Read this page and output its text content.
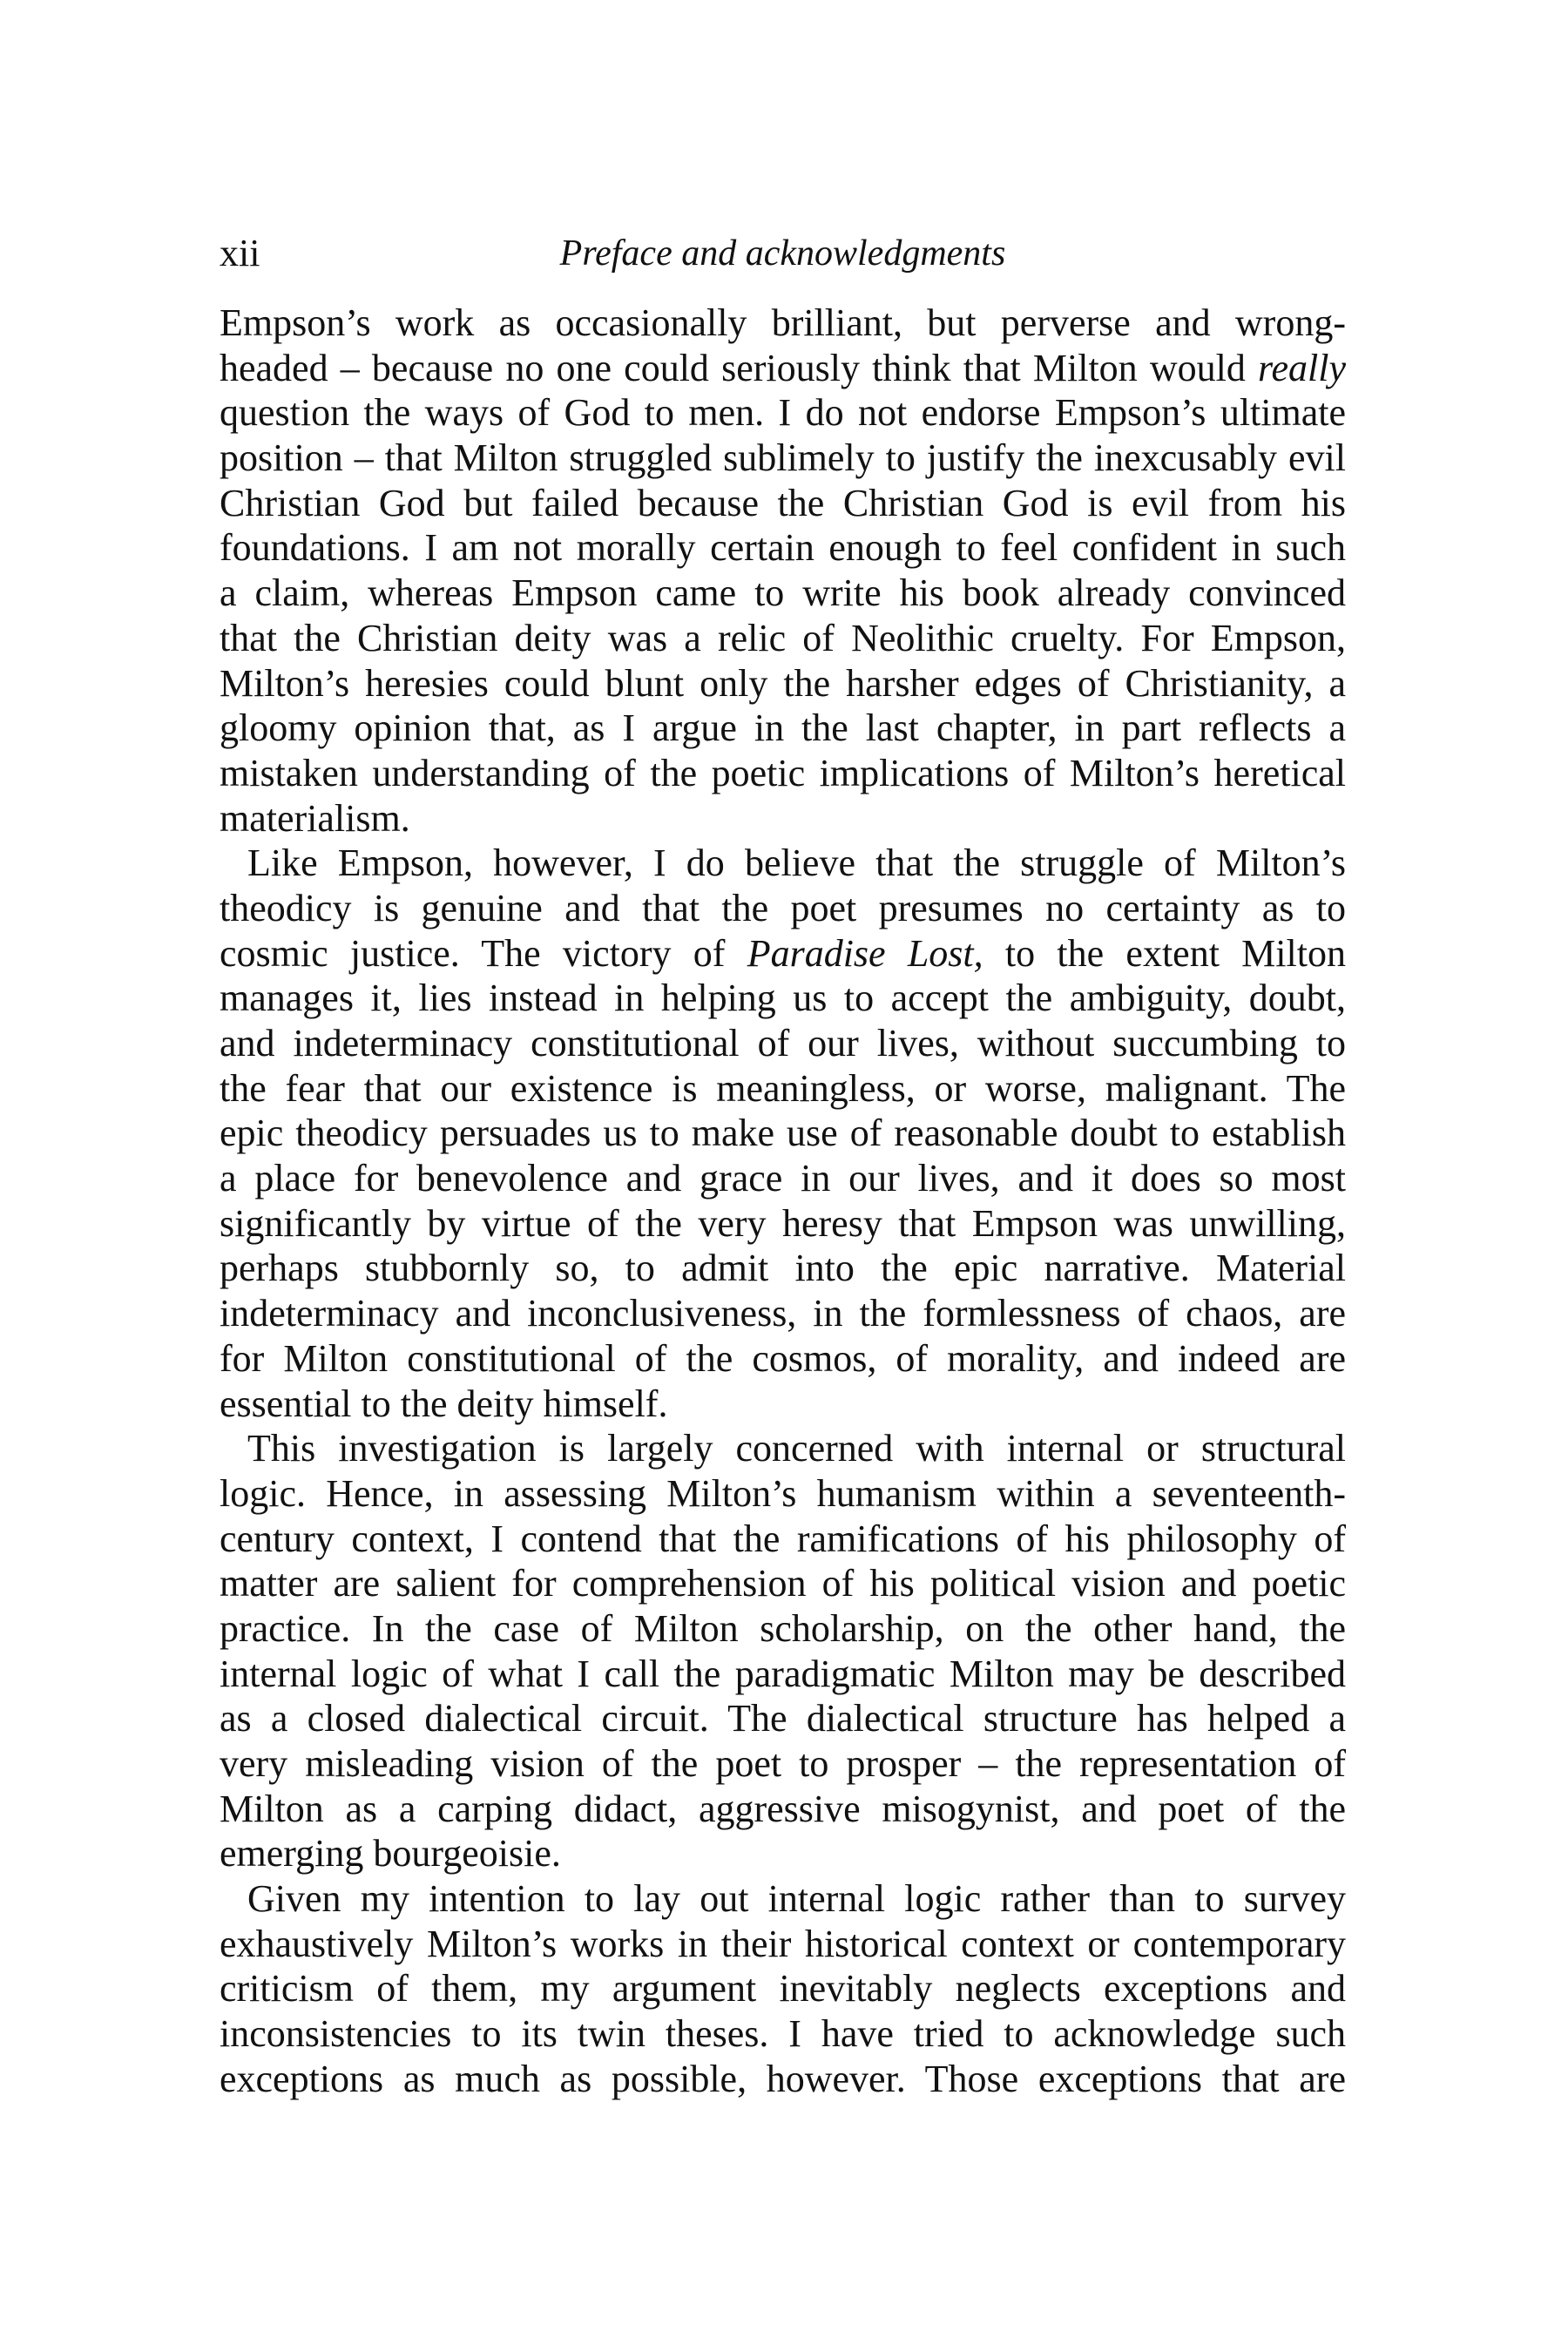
xii	Preface and acknowledgments
Empson’s work as occasionally brilliant, but perverse and wrong-
headed – because no one could seriously think that Milton would really
question the ways of God to men. I do not endorse Empson’s ultimate
position – that Milton struggled sublimely to justify the inexcusably evil
Christian God but failed because the Christian God is evil from his
foundations. I am not morally certain enough to feel confident in such
a claim, whereas Empson came to write his book already convinced
that the Christian deity was a relic of Neolithic cruelty. For Empson,
Milton’s heresies could blunt only the harsher edges of Christianity, a
gloomy opinion that, as I argue in the last chapter, in part reflects a
mistaken understanding of the poetic implications of Milton’s heretical
materialism.
Like Empson, however, I do believe that the struggle of Milton’s
theodicy is genuine and that the poet presumes no certainty as to
cosmic justice. The victory of Paradise Lost, to the extent Milton
manages it, lies instead in helping us to accept the ambiguity, doubt,
and indeterminacy constitutional of our lives, without succumbing to
the fear that our existence is meaningless, or worse, malignant. The
epic theodicy persuades us to make use of reasonable doubt to establish
a place for benevolence and grace in our lives, and it does so most
significantly by virtue of the very heresy that Empson was unwilling,
perhaps stubbornly so, to admit into the epic narrative. Material
indeterminacy and inconclusiveness, in the formlessness of chaos, are
for Milton constitutional of the cosmos, of morality, and indeed are
essential to the deity himself.
This investigation is largely concerned with internal or structural
logic. Hence, in assessing Milton’s humanism within a seventeenth-
century context, I contend that the ramifications of his philosophy of
matter are salient for comprehension of his political vision and poetic
practice. In the case of Milton scholarship, on the other hand, the
internal logic of what I call the paradigmatic Milton may be described
as a closed dialectical circuit. The dialectical structure has helped a
very misleading vision of the poet to prosper – the representation of
Milton as a carping didact, aggressive misogynist, and poet of the
emerging bourgeoisie.
Given my intention to lay out internal logic rather than to survey
exhaustively Milton’s works in their historical context or contemporary
criticism of them, my argument inevitably neglects exceptions and
inconsistencies to its twin theses. I have tried to acknowledge such
exceptions as much as possible, however. Those exceptions that are
